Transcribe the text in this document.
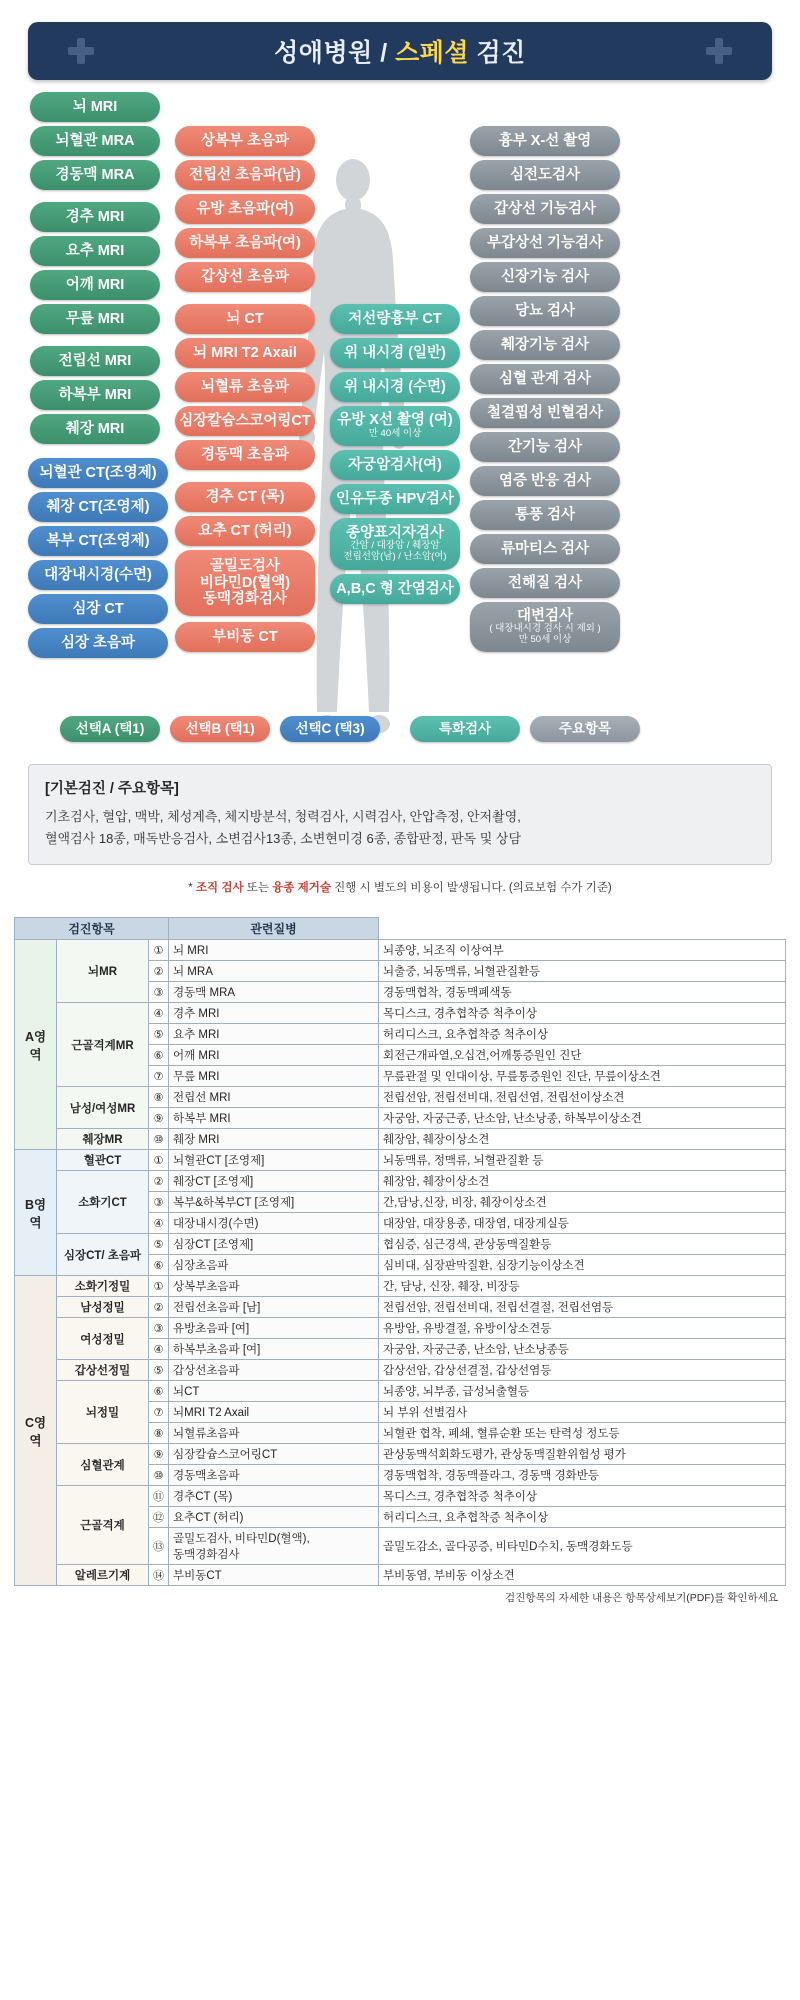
성애병원 / 스페셜 검진
뇌 MRI
뇌혈관 MRA
경동맥 MRA
경추 MRI
요추 MRI
어깨 MRI
무릎 MRI
전립선 MRI
하복부 MRI
췌장 MRI
뇌혈관 CT(조영제)
췌장 CT(조영제)
복부 CT(조영제)
대장내시경(수면)
심장 CT
심장 초음파
상복부 초음파
전립선 초음파(남)
유방 초음파(여)
하복부 초음파(여)
갑상선 초음파
뇌 CT
뇌 MRI T2 Axail
뇌혈류 초음파
심장칼슘스코어링CT
경동맥 초음파
경추 CT (목)
요추 CT (허리)
골밀도검사
비타민D(혈액)
동맥경화검사
부비동 CT
저선량흉부 CT
위 내시경 (일반)
위 내시경 (수면)
유방 X선 촬영 (여)
만 40세 이상
자궁암검사(여)
인유두종 HPV검사
종양표지자검사
간암 / 대장암 / 췌장암
전립선암(남) / 난소암(여)
A,B,C 형 간염검사
흉부 X-선 촬영
심전도검사
갑상선 기능검사
부갑상선 기능검사
신장기능 검사
당뇨 검사
췌장기능 검사
심혈 관계 검사
철결핍성 빈혈검사
간기능 검사
염증 반응 검사
통풍 검사
류마티스 검사
전해질 검사
대변검사
( 대장내시경 검사 시 제외 )
만 50세 이상
선택A (택1)	선택B (택1)	선택C (택3)	특화검사	주요항목
[기본검진 / 주요항목]
기초검사, 혈압, 맥박, 체성계측, 체지방분석, 청력검사, 시력검사, 안압측정, 안저촬영,
혈액검사 18종, 매독반응검사, 소변검사13종, 소변현미경 6종, 종합판정, 판독 및 상담
* 조직 검사 또는 융종 제거술 진행 시 별도의 비용이 발생됩니다. (의료보험 수가 기준)
검진항목			관련질병	
A영역	뇌MR	①	뇌 MRI	뇌종양, 뇌조직 이상여부
		②	뇌 MRA	뇌출중, 뇌동맥류, 뇌혈관질환등
		③	경동맥 MRA	경동맥협착, 경동맥폐색동
	근골격계MR	④	경추 MRI	목디스크, 경추협착증 척추이상
		⑤	요추 MRI	허리디스크, 요추협착증 척추이상
		⑥	어깨 MRI	회전근개파열,오십견,어깨통증원인 진단
		⑦	무릎 MRI	무릎관절 및 인대이상, 무릎통증원인 진단, 무릎이상소견
	남성/여성MR	⑧	전립선 MRI	전립선암, 전립선비대, 전립선염, 전립선이상소견
		⑨	하복부 MRI	자궁암, 자궁근종, 난소암, 난소낭종, 하복부이상소견
	췌장MR	⑩	췌장 MRI	췌장암, 췌장이상소견
B영역	혈관CT	①	뇌혈관CT [조영제]	뇌동맥류, 정맥류, 뇌혈관질환 등
	소화기CT	②	췌장CT [조영제]	췌장암, 췌장이상소견
		③	복부&하복부CT [조영제]	간,담낭,신장, 비장, 췌장이상소견
		④	대장내시경(수면)	대장암, 대장용종, 대장염, 대장게실등
	심장CT/ 초음파	⑤	심장CT [조영제]	협심증, 심근경색, 관상동맥질환등
		⑥	심장초음파	심비대, 심장판막질환, 심장기능이상소견
C영역	소화기정밀	①	상복부초음파	간, 담낭, 신장, 췌장, 비장등
	남성정밀	②	전립선초음파 [남]	전립선암, 전립선비대, 전립선결절, 전립선염등
	여성정밀	③	유방초음파 [여]	유방암, 유방결절, 유방이상소견등
		④	하복부초음파 [여]	자궁암, 자궁근종, 난소암, 난소낭종등
	갑상선정밀	⑤	갑상선초음파	갑상선암, 갑상선결절, 갑상선염등
	뇌정밀	⑥	뇌CT	뇌종양, 뇌부종, 급성뇌출혈등
		⑦	뇌MRI T2 Axail	뇌 부위 선별검사
		⑧	뇌혈류초음파	뇌혈관 협착, 폐쇄, 혈류순환 또는 탄력성 정도등
	심혈관계	⑨	심장칼슘스코어링CT	관상동맥석회화도평가, 관상동맥질환위험성 평가
		⑩	경동맥초음파	경동맥협착, 경동맥플라그, 경동맥 경화반등
	근골격계	⑪	경추CT (목)	목디스크, 경추협착증 척추이상
		⑫	요추CT (허리)	허리디스크, 요추협착증 척추이상
		⑬	골밀도검사, 비타민D(혈액),
동맥경화검사	골밀도감소, 골다공증, 비타민D수치, 동맥경화도등
	알레르기계	⑭	부비동CT	부비동염, 부비동 이상소견
검진항목의 자세한 내용은 항목상세보기(PDF)를 확인하세요
